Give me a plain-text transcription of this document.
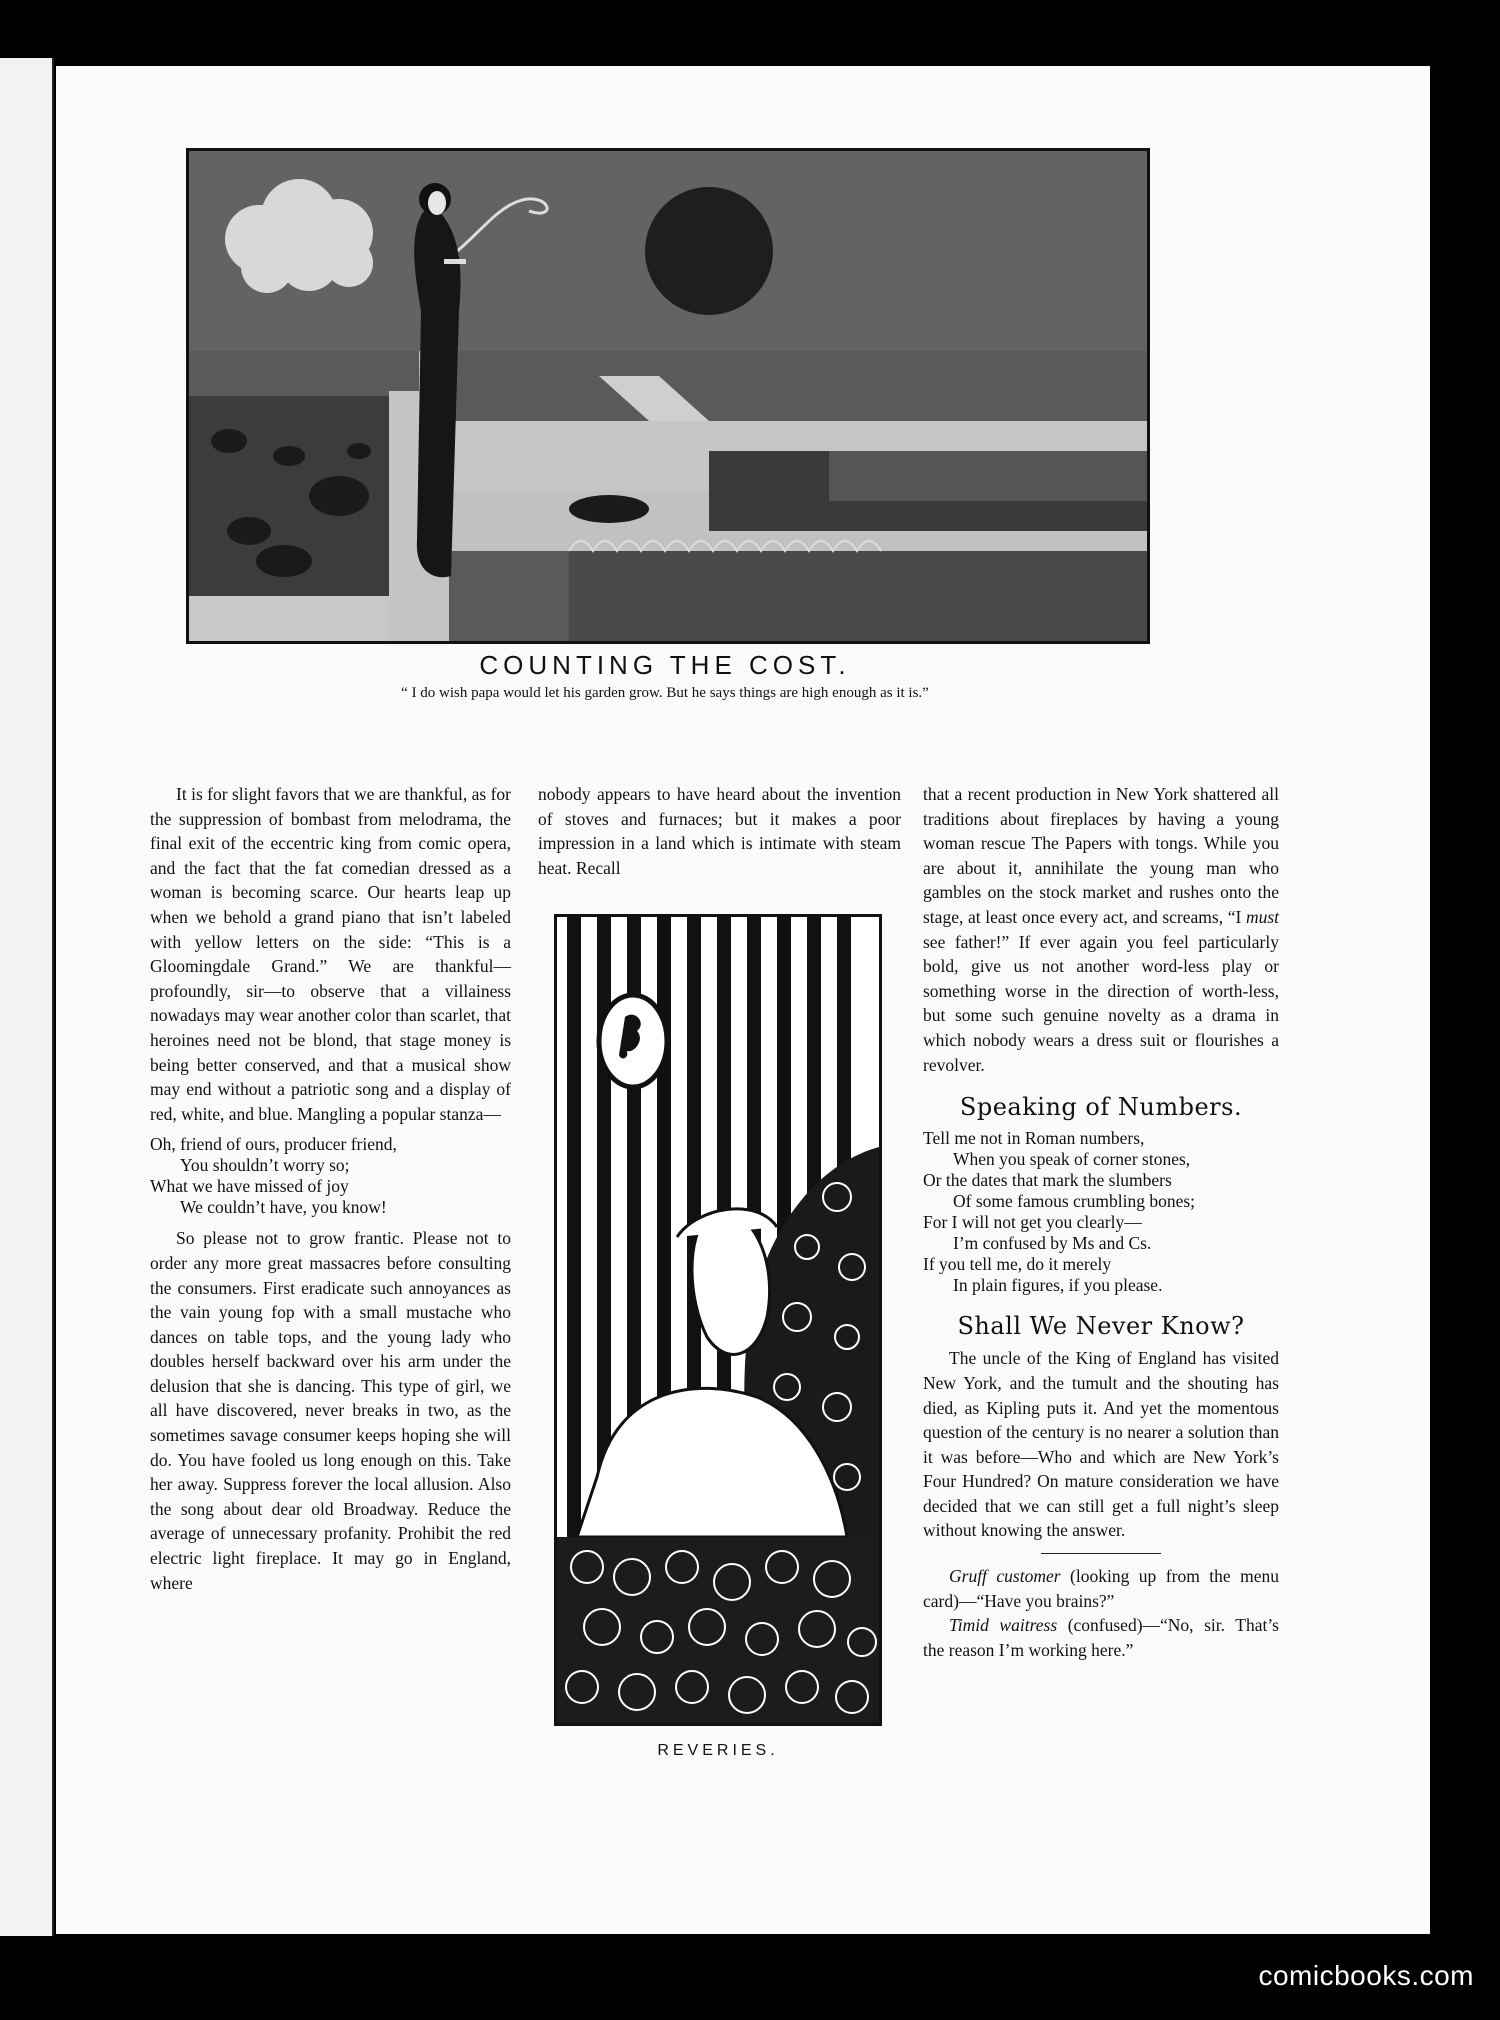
COUNTING THE COST.
“ I do wish papa would let his garden grow. But he says things are high enough as it is.”

It is for slight favors that we are thankful, as for the suppression of bombast from melodrama, the final exit of the eccentric king from comic opera, and the fact that the fat comedian dressed as a woman is becoming scarce. Our hearts leap up when we behold a grand piano that isn’t labeled with yellow letters on the side: “This is a Gloomingdale Grand.” We are thankful—profoundly, sir—to observe that a villainess nowadays may wear another color than scarlet, that heroines need not be blond, that stage money is being better conserved, and that a musical show may end without a patriotic song and a display of red, white, and blue. Mangling a popular stanza—

Oh, friend of ours, producer friend,
You shouldn’t worry so;
What we have missed of joy
We couldn’t have, you know!

So please not to grow frantic. Please not to order any more great massacres before consulting the consumers. First eradicate such annoyances as the vain young fop with a small mustache who dances on table tops, and the young lady who doubles herself backward over his arm under the delusion that she is dancing. This type of girl, we all have discovered, never breaks in two, as the sometimes savage consumer keeps hoping she will do. You have fooled us long enough on this. Take her away. Suppress forever the local allusion. Also the song about dear old Broadway. Reduce the average of unnecessary profanity. Prohibit the red electric light fireplace. It may go in England, where

nobody appears to have heard about the invention of stoves and furnaces; but it makes a poor impression in a land which is intimate with steam heat. Recall

REVERIES.

that a recent production in New York shattered all traditions about fireplaces by having a young woman rescue The Papers with tongs. While you are about it, annihilate the young man who gambles on the stock market and rushes onto the stage, at least once every act, and screams, “I must see father!” If ever again you feel particularly bold, give us not another word-less play or something worse in the direction of worth-less, but some such genuine novelty as a drama in which nobody wears a dress suit or flourishes a revolver.

Speaking of Numbers.
Tell me not in Roman numbers,
When you speak of corner stones,
Or the dates that mark the slumbers
Of some famous crumbling bones;
For I will not get you clearly—
I’m confused by Ms and Cs.
If you tell me, do it merely
In plain figures, if you please.
Shall We Never Know?

The uncle of the King of England has visited New York, and the tumult and the shouting has died, as Kipling puts it. And yet the momentous question of the century is no nearer a solution than it was before—Who and which are New York’s Four Hundred? On mature consideration we have decided that we can still get a full night’s sleep without knowing the answer.

Gruff customer (looking up from the menu card)—“Have you brains?”

Timid waitress (confused)—“No, sir. That’s the reason I’m working here.”

comicbooks.com
